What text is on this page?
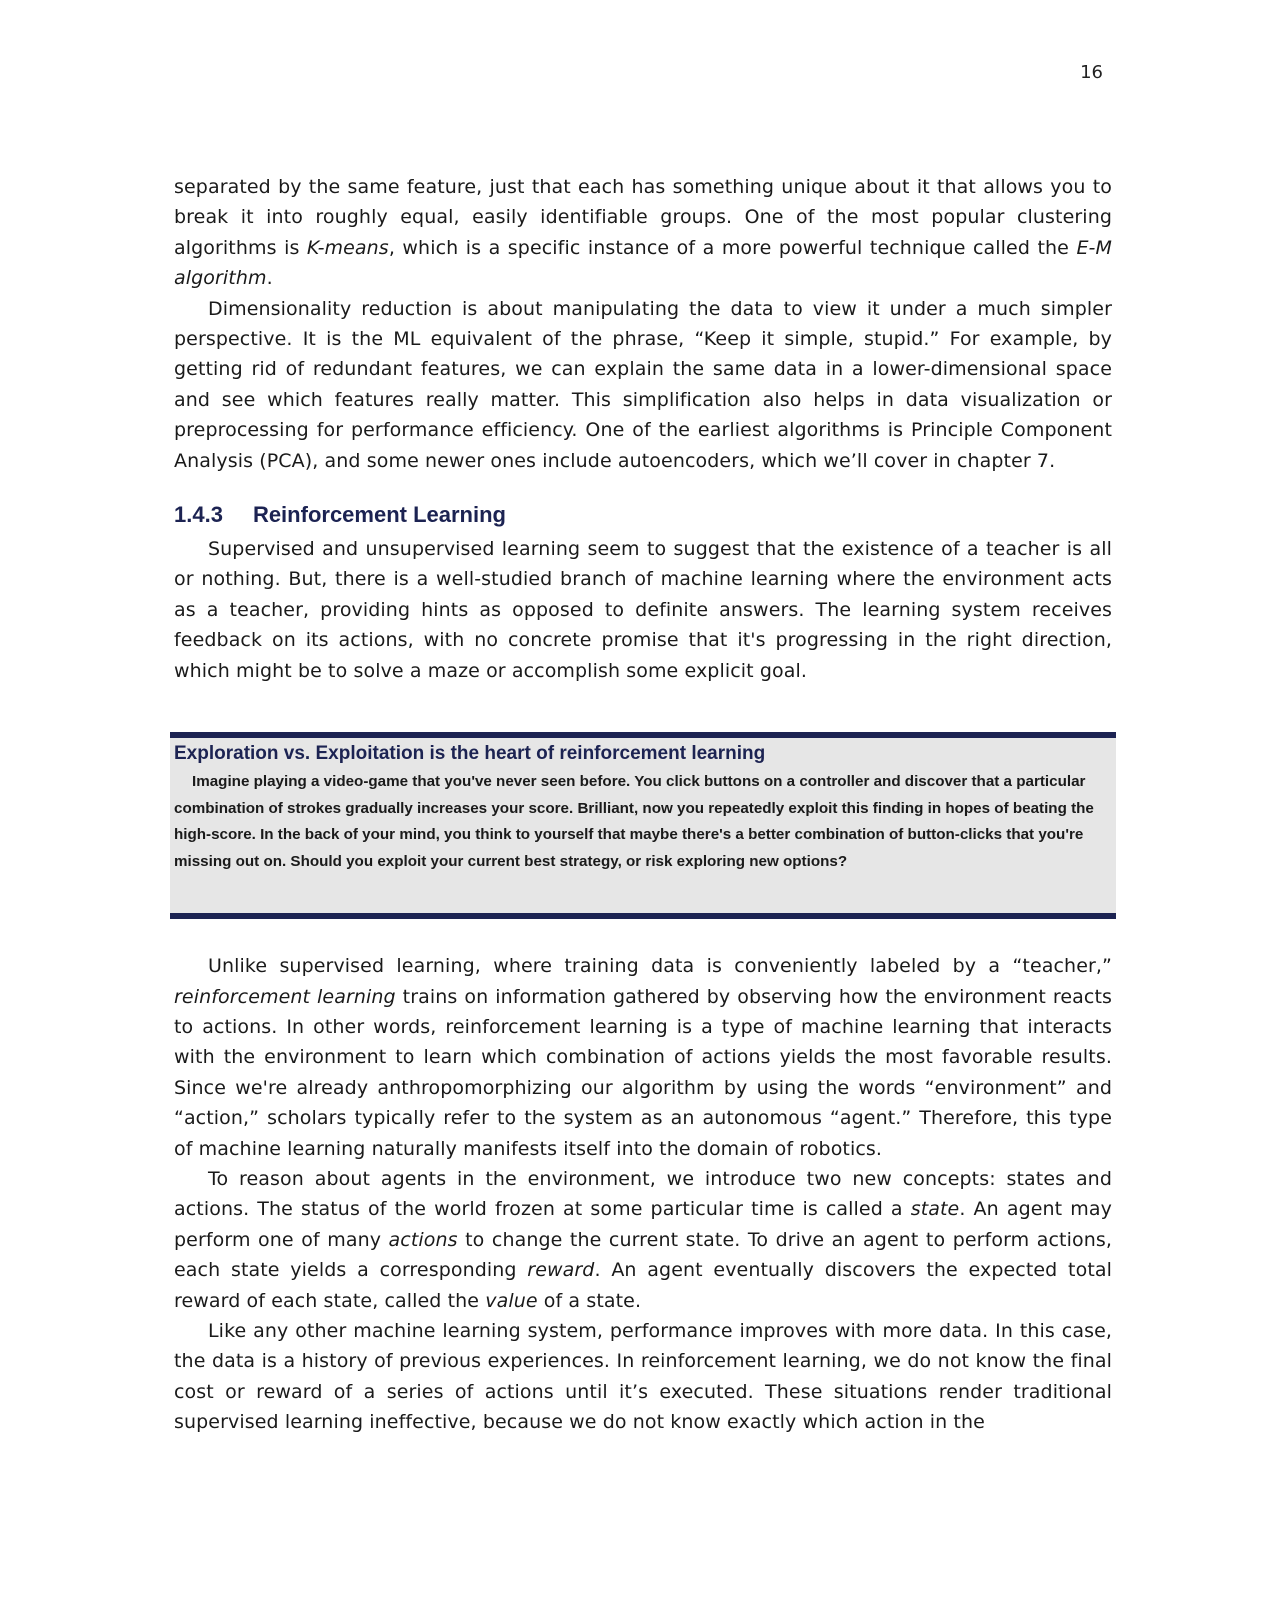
16

separated by the same feature, just that each has something unique about it that allows you to break it into roughly equal, easily identifiable groups. One of the most popular clustering algorithms is K-means, which is a specific instance of a more powerful technique called the E-M algorithm.

Dimensionality reduction is about manipulating the data to view it under a much simpler perspective. It is the ML equivalent of the phrase, “Keep it simple, stupid.” For example, by getting rid of redundant features, we can explain the same data in a lower-dimensional space and see which features really matter. This simplification also helps in data visualization or preprocessing for performance efficiency. One of the earliest algorithms is Principle Component Analysis (PCA), and some newer ones include autoencoders, which we’ll cover in chapter 7.

1.4.3 Reinforcement Learning

Supervised and unsupervised learning seem to suggest that the existence of a teacher is all or nothing. But, there is a well-studied branch of machine learning where the environment acts as a teacher, providing hints as opposed to definite answers. The learning system receives feedback on its actions, with no concrete promise that it's progressing in the right direction, which might be to solve a maze or accomplish some explicit goal.

Exploration vs. Exploitation is the heart of reinforcement learning

Imagine playing a video-game that you've never seen before. You click buttons on a controller and discover that a particular combination of strokes gradually increases your score. Brilliant, now you repeatedly exploit this finding in hopes of beating the high-score. In the back of your mind, you think to yourself that maybe there's a better combination of button-clicks that you're missing out on. Should you exploit your current best strategy, or risk exploring new options?

Unlike supervised learning, where training data is conveniently labeled by a “teacher,” reinforcement learning trains on information gathered by observing how the environment reacts to actions. In other words, reinforcement learning is a type of machine learning that interacts with the environment to learn which combination of actions yields the most favorable results. Since we're already anthropomorphizing our algorithm by using the words “environment” and “action,” scholars typically refer to the system as an autonomous “agent.” Therefore, this type of machine learning naturally manifests itself into the domain of robotics.

To reason about agents in the environment, we introduce two new concepts: states and actions. The status of the world frozen at some particular time is called a state. An agent may perform one of many actions to change the current state. To drive an agent to perform actions, each state yields a corresponding reward. An agent eventually discovers the expected total reward of each state, called the value of a state.

Like any other machine learning system, performance improves with more data. In this case, the data is a history of previous experiences. In reinforcement learning, we do not know the final cost or reward of a series of actions until it’s executed. These situations render traditional supervised learning ineffective, because we do not know exactly which action in the
